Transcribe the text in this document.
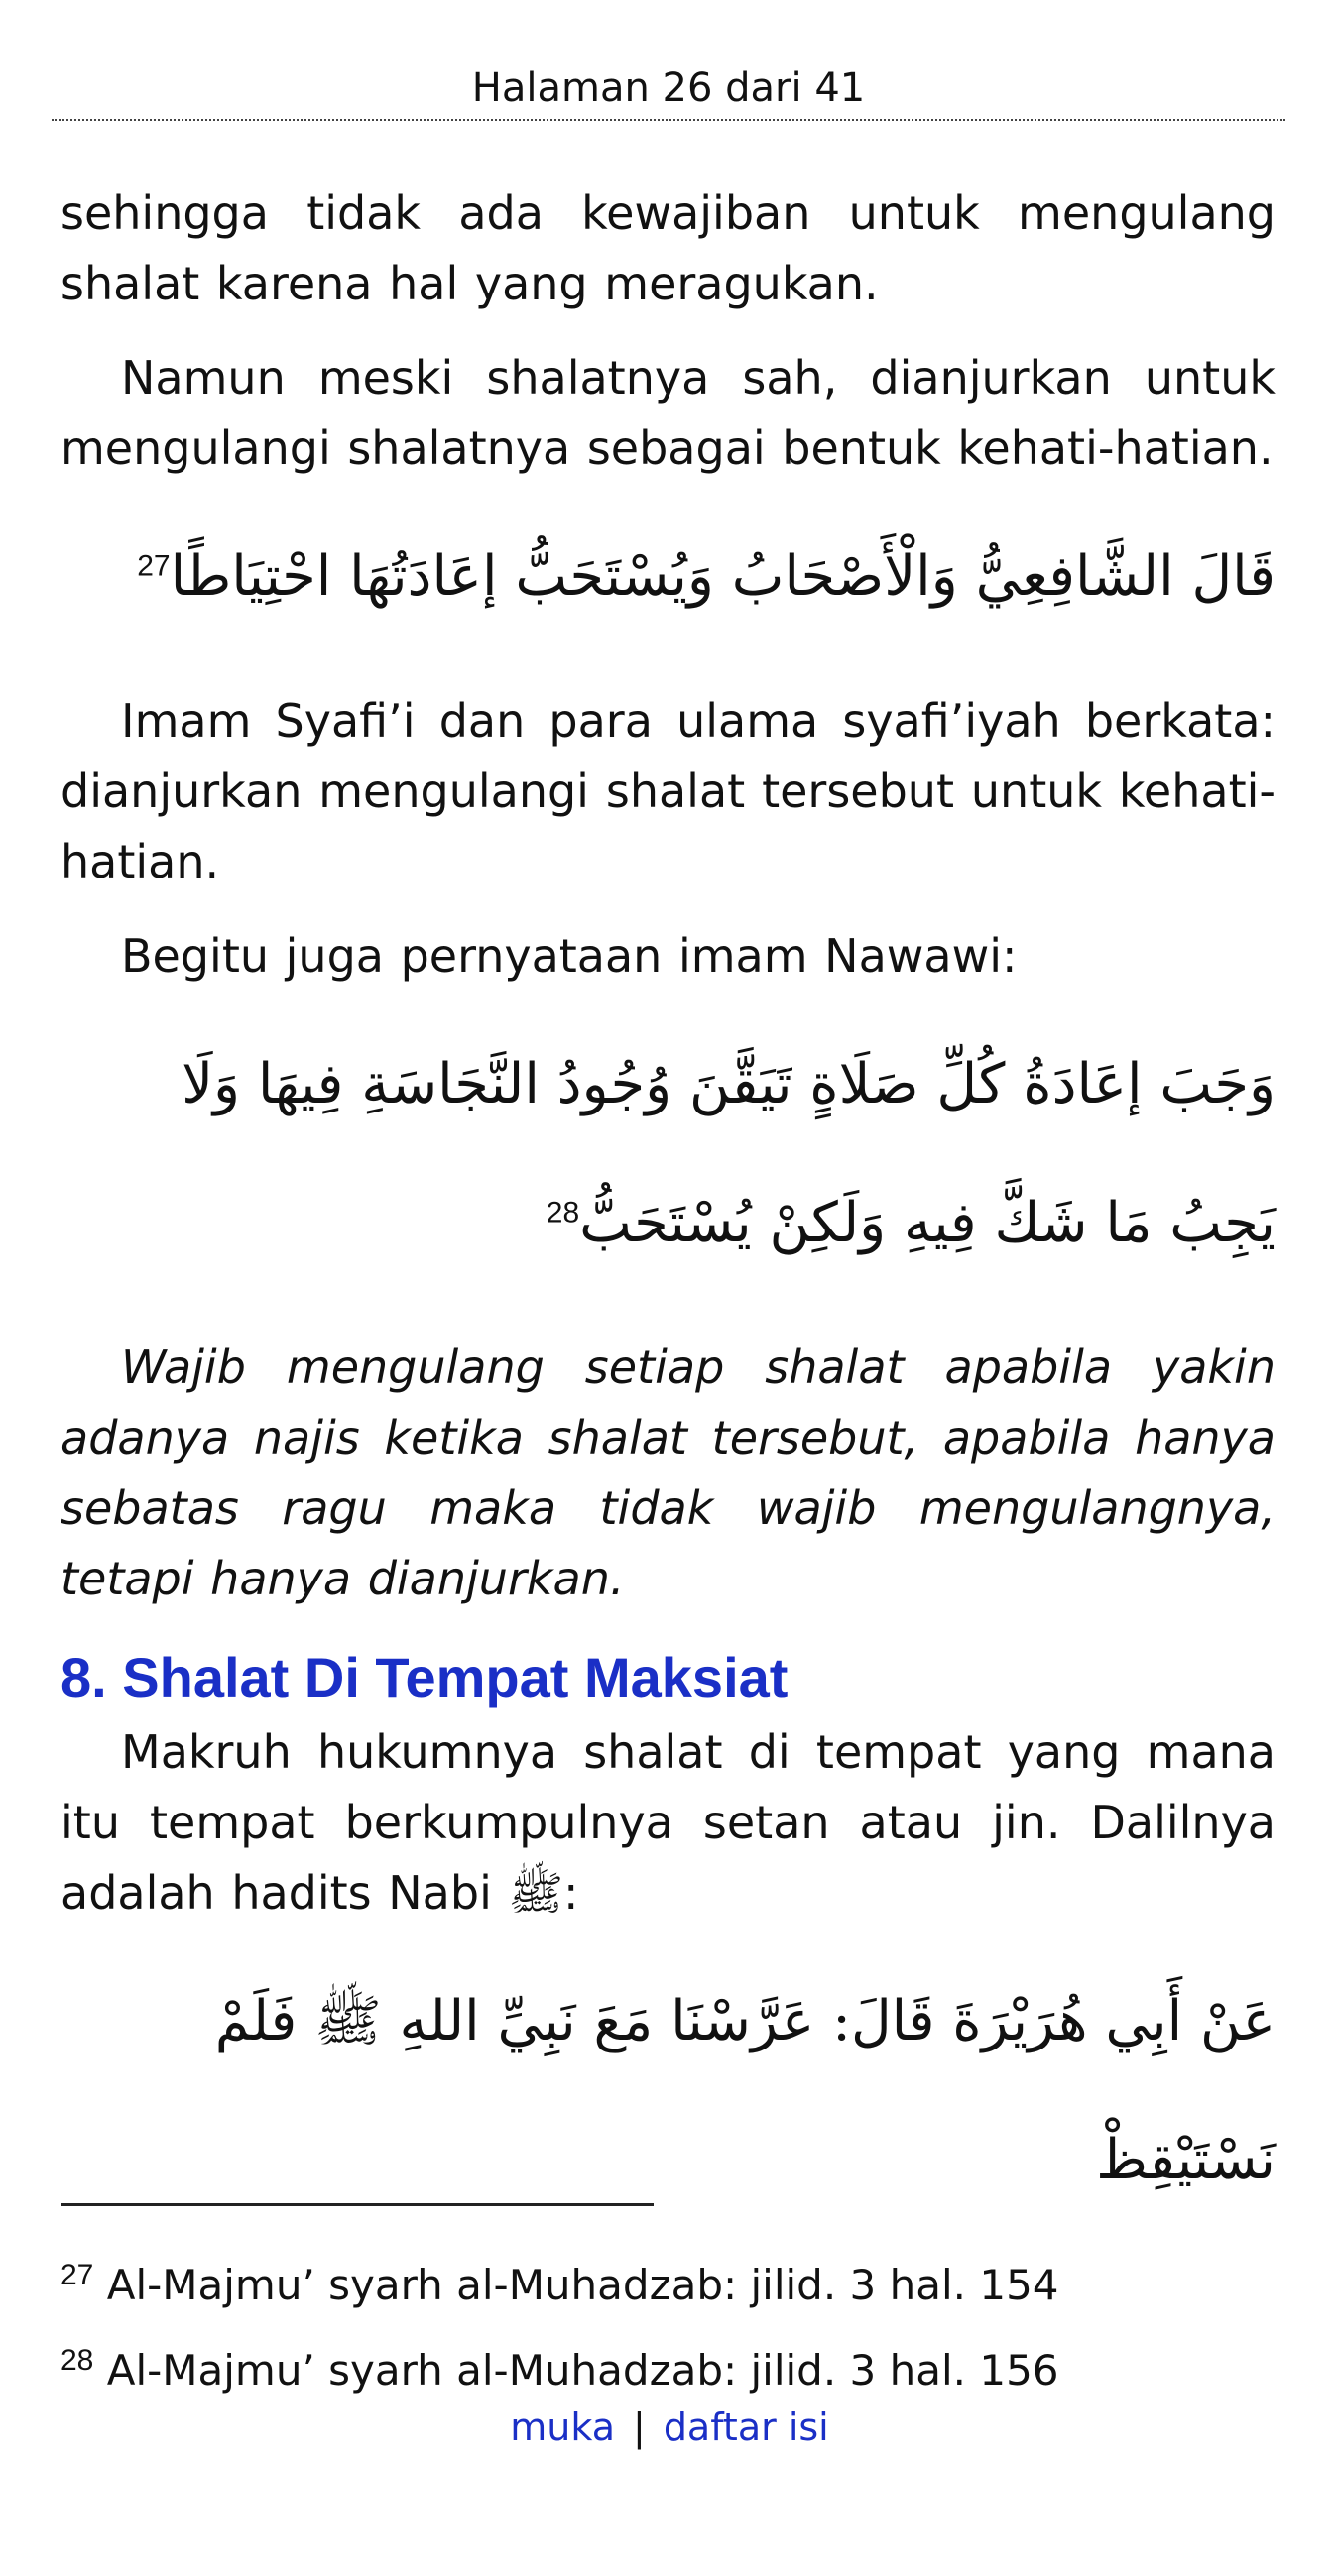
Halaman 26 dari 41

sehingga tidak ada kewajiban untuk mengulang shalat karena hal yang meragukan.

Namun meski shalatnya sah, dianjurkan untuk mengulangi shalatnya sebagai bentuk kehati-hatian.

قَالَ الشَّافِعِيُّ وَالْأَصْحَابُ وَيُسْتَحَبُّ إعَادَتُهَا احْتِيَاطًا$^{27}$

Imam Syafi’i dan para ulama syafi’iyah berkata: dianjurkan mengulangi shalat tersebut untuk kehati-hatian.

Begitu juga pernyataan imam Nawawi:

وَجَبَ إعَادَةُ كُلِّ صَلَاةٍ تَيَقَّنَ وُجُودُ النَّجَاسَةِ فِيهَا وَلَا يَجِبُ مَا شَكَّ فِيهِ وَلَكِنْ يُسْتَحَبُّ$^{28}$

Wajib mengulang setiap shalat apabila yakin adanya najis ketika shalat tersebut, apabila hanya sebatas ragu maka tidak wajib mengulangnya, tetapi hanya dianjurkan.

8. Shalat Di Tempat Maksiat

Makruh hukumnya shalat di tempat yang mana itu tempat berkumpulnya setan atau jin. Dalilnya adalah hadits Nabi ﷺ:

عَنْ أَبِي هُرَيْرَةَ قَالَ: عَرَّسْنَا مَعَ نَبِيِّ اللهِ ﷺ فَلَمْ نَسْتَيْقِظْ

$^{27}$ Al-Majmu’ syarh al-Muhadzab: jilid. 3 hal. 154

$^{28}$ Al-Majmu’ syarh al-Muhadzab: jilid. 3 hal. 156

muka | daftar isi
